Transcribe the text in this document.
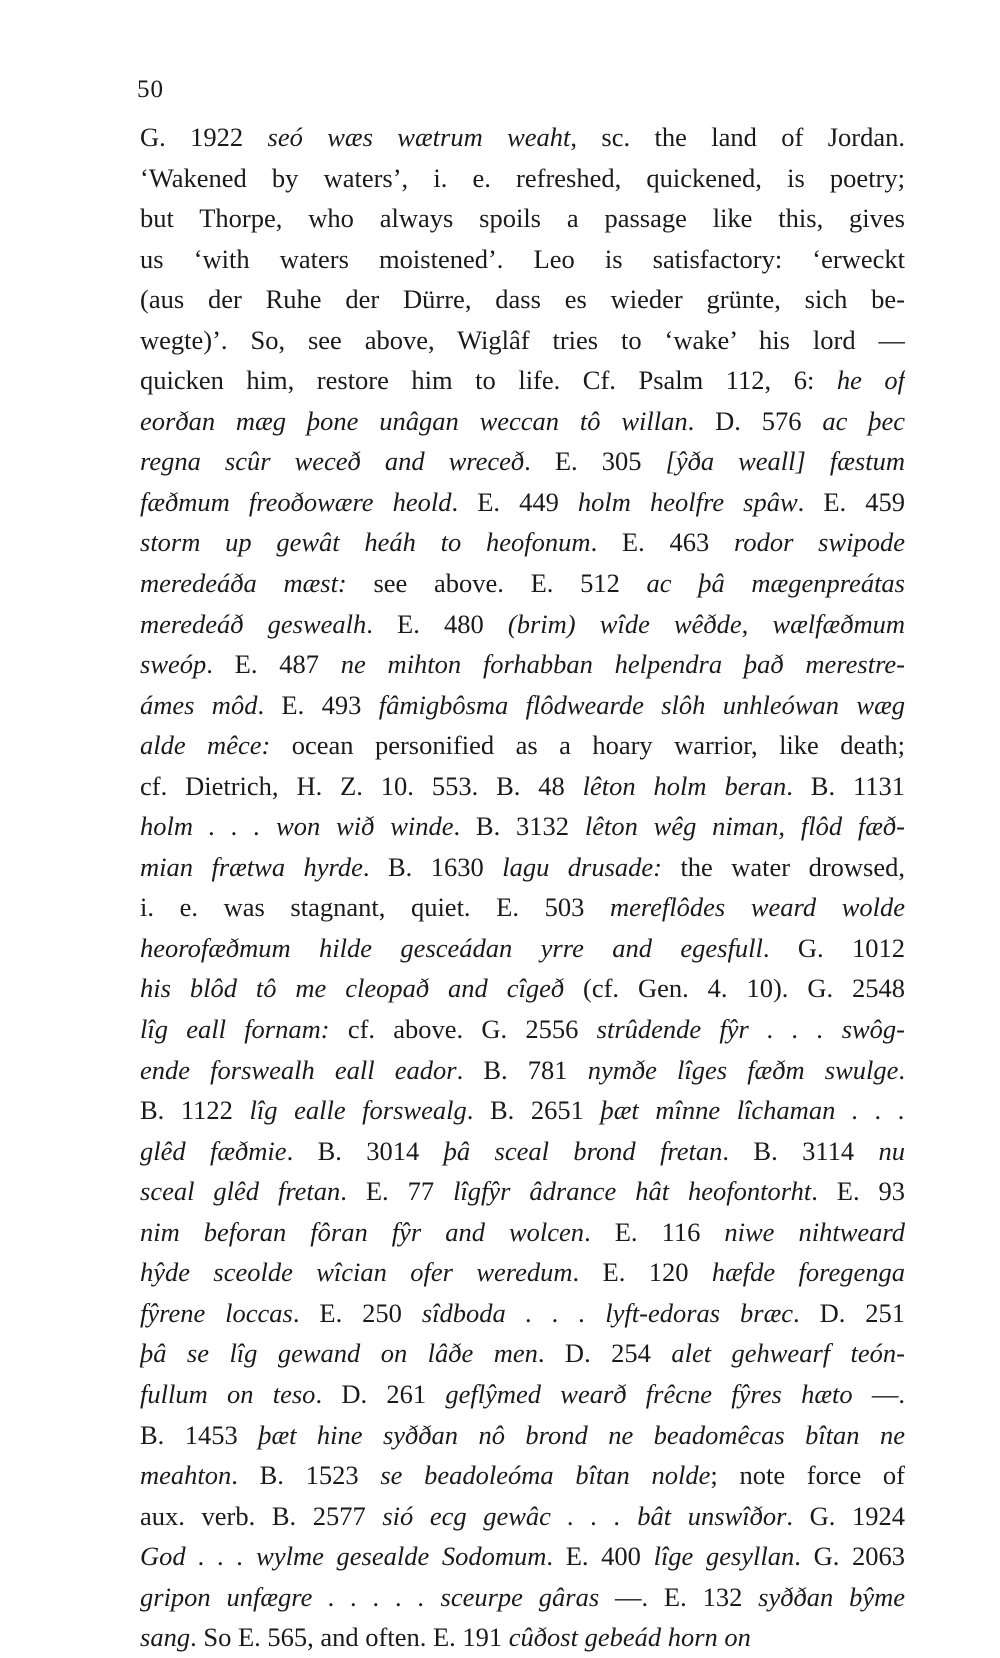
50
G. 1922 seó wæs wætrum weaht, sc. the land of Jordan.
‘Wakened by waters’, i. e. refreshed, quickened, is poetry;
but Thorpe, who always spoils a passage like this, gives
us ‘with waters moistened’. Leo is satisfactory: ‘erweckt
(aus der Ruhe der Dürre, dass es wieder grünte, sich be-
wegte)’. So, see above, Wiglâf tries to ‘wake’ his lord —
quicken him, restore him to life. Cf. Psalm 112, 6: he of
eorðan mæg þone unâgan weccan tô willan. D. 576 ac þec
regna scûr weceð and wreceð. E. 305 [ŷða weall] fæstum
fæðmum freoðowære heold. E. 449 holm heolfre spâw. E. 459
storm up gewât heáh to heofonum. E. 463 rodor swipode
meredeáða mæst: see above. E. 512 ac þâ mægenpreátas
meredeáð geswealh. E. 480 (brim) wîde wêðde, wælfæðmum
sweóp. E. 487 ne mihton forhabban helpendra það merestre-
ámes môd. E. 493 fâmigbôsma flôdwearde slôh unhleówan wæg
alde mêce: ocean personified as a hoary warrior, like death;
cf. Dietrich, H. Z. 10. 553. B. 48 lêton holm beran. B. 1131
holm . . . won wið winde. B. 3132 lêton wêg niman, flôd fæð-
mian frætwa hyrde. B. 1630 lagu drusade: the water drowsed,
i. e. was stagnant, quiet. E. 503 mereflôdes weard wolde
heorofæðmum hilde gesceádan yrre and egesfull. G. 1012
his blôd tô me cleopað and cîgeð (cf. Gen. 4. 10). G. 2548
lîg eall fornam: cf. above. G. 2556 strûdende fŷr . . . swôg-
ende forswealh eall eador. B. 781 nymðe lîges fæðm swulge.
B. 1122 lîg ealle forswealg. B. 2651 þæt mînne lîchaman . . .
glêd fæðmie. B. 3014 þâ sceal brond fretan. B. 3114 nu
sceal glêd fretan. E. 77 lîgfŷr âdrance hât heofontorht. E. 93
nim beforan fôran fŷr and wolcen. E. 116 niwe nihtweard
hŷde sceolde wîcian ofer weredum. E. 120 hæfde foregenga
fŷrene loccas. E. 250 sîdboda . . . lyft-edoras bræc. D. 251
þâ se lîg gewand on lâðe men. D. 254 alet gehwearf teón-
fullum on teso. D. 261 geflŷmed wearð frêcne fŷres hæto —.
B. 1453 þæt hine syððan nô brond ne beadomêcas bîtan ne
meahton. B. 1523 se beadoleóma bîtan nolde; note force of
aux. verb. B. 2577 sió ecg gewâc . . . bât unswîðor. G. 1924
God . . . wylme gesealde Sodomum. E. 400 lîge gesyllan. G. 2063
gripon unfægre . . . . . sceurpe gâras —. E. 132 syððan bŷme
sang. So E. 565, and often. E. 191 cûðost gebeád horn on
